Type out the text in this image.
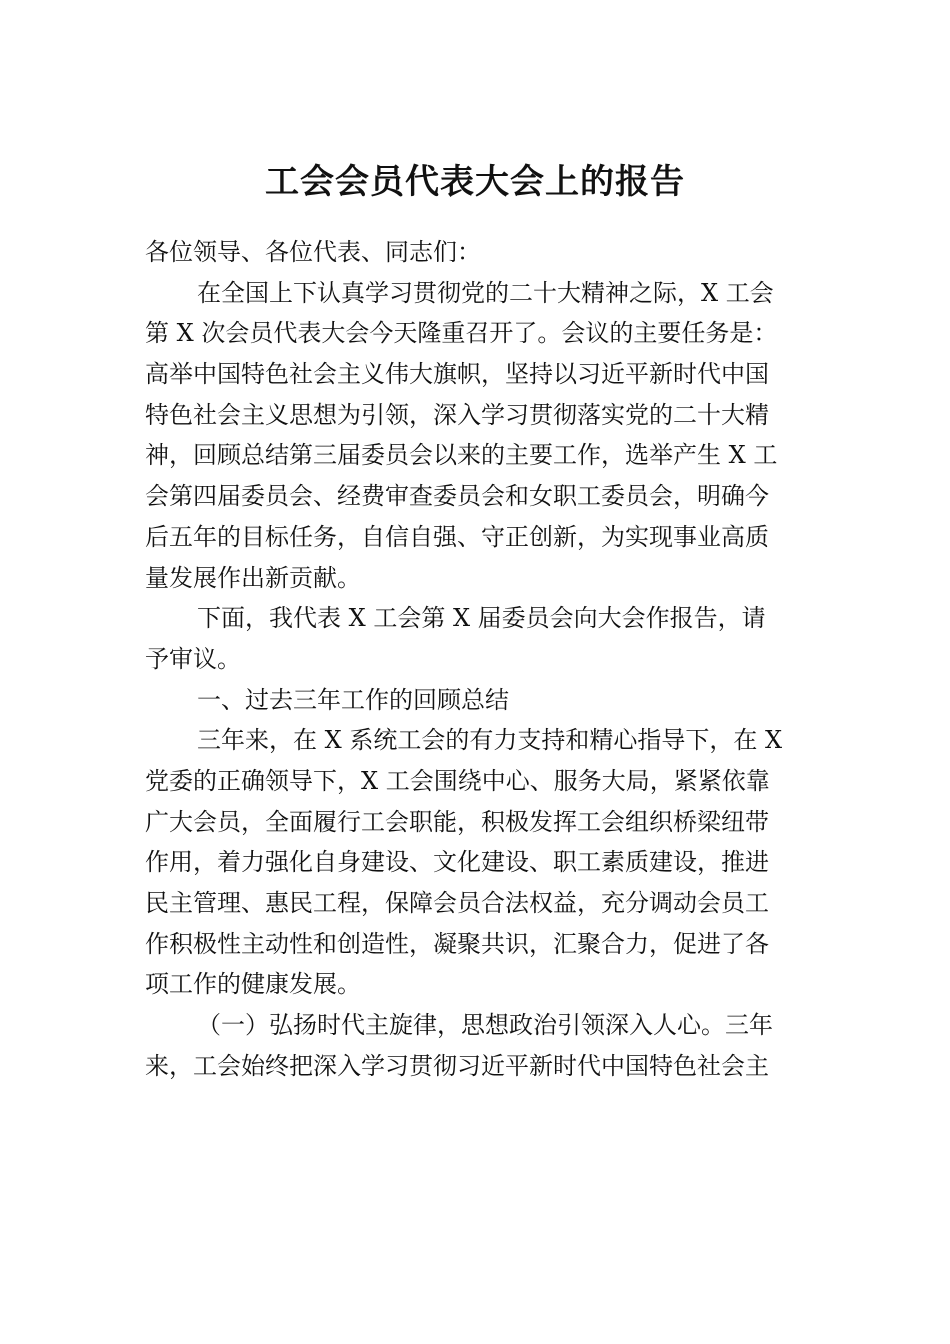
工会会员代表大会上的报告
各位领导、各位代表、同志们：
在全国上下认真学习贯彻党的二十大精神之际，X 工会
第 X 次会员代表大会今天隆重召开了。会议的主要任务是：
高举中国特色社会主义伟大旗帜，坚持以习近平新时代中国
特色社会主义思想为引领，深入学习贯彻落实党的二十大精
神，回顾总结第三届委员会以来的主要工作，选举产生 X 工
会第四届委员会、经费审查委员会和女职工委员会，明确今
后五年的目标任务，自信自强、守正创新，为实现事业高质
量发展作出新贡献。
下面，我代表 X 工会第 X 届委员会向大会作报告，请
予审议。
一、过去三年工作的回顾总结
三年来，在 X 系统工会的有力支持和精心指导下，在 X
党委的正确领导下，X 工会围绕中心、服务大局，紧紧依靠
广大会员，全面履行工会职能，积极发挥工会组织桥梁纽带
作用，着力强化自身建设、文化建设、职工素质建设，推进
民主管理、惠民工程，保障会员合法权益，充分调动会员工
作积极性主动性和创造性，凝聚共识，汇聚合力，促进了各
项工作的健康发展。
（一）弘扬时代主旋律，思想政治引领深入人心。三年
来，工会始终把深入学习贯彻习近平新时代中国特色社会主
